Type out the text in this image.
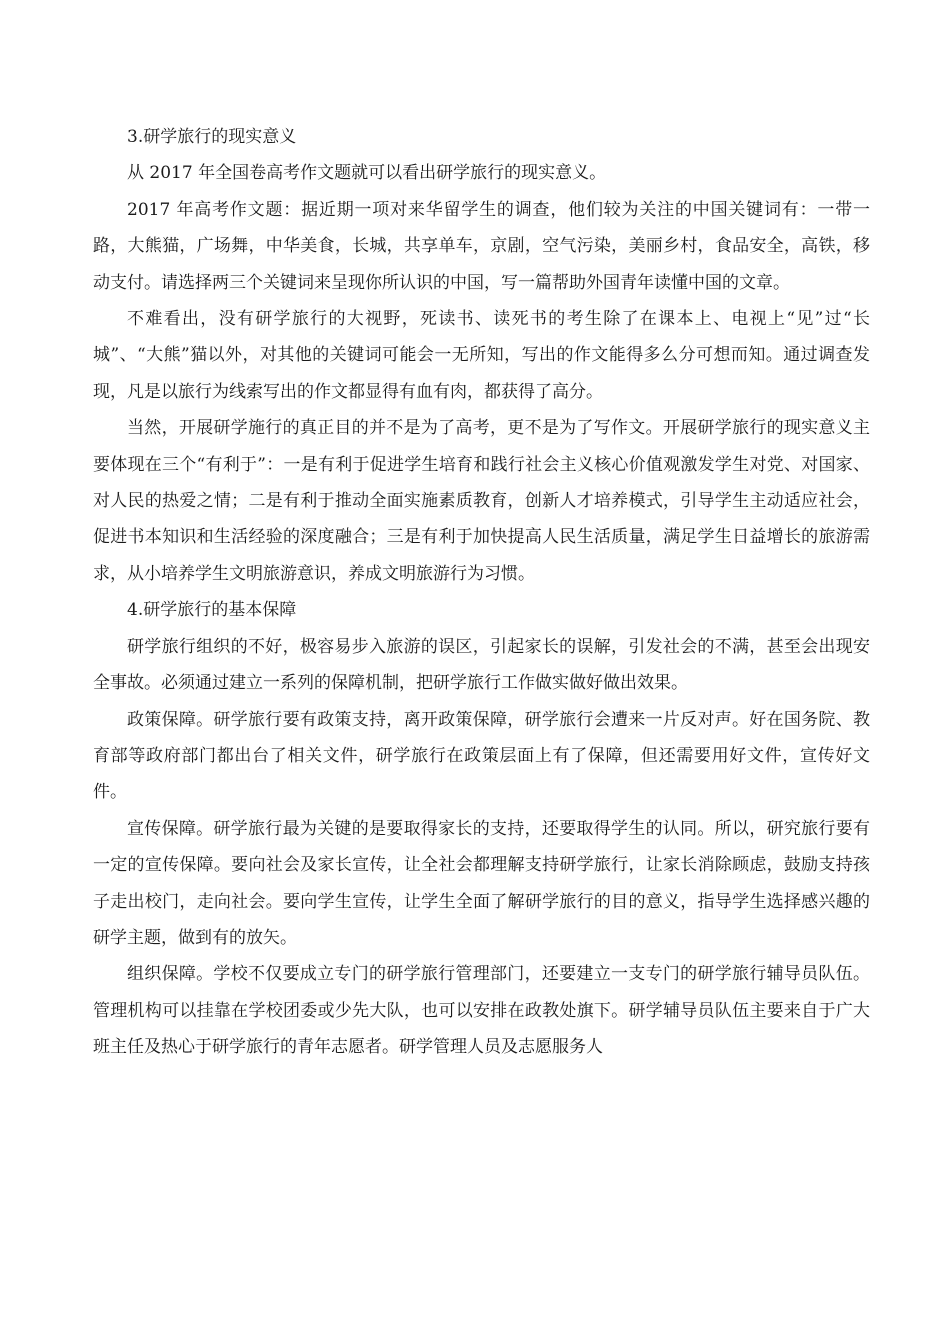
3.研学旅行的现实意义

从 2017 年全国卷高考作文题就可以看出研学旅行的现实意义。

2017 年高考作文题：据近期一项对来华留学生的调查，他们较为关注的中国关键词有：一带一路，大熊猫，广场舞，中华美食，长城，共享单车，京剧，空气污染，美丽乡村，食品安全，高铁，移动支付。请选择两三个关键词来呈现你所认识的中国，写一篇帮助外国青年读懂中国的文章。

不难看出，没有研学旅行的大视野，死读书、读死书的考生除了在课本上、电视上“见”过“长城”、“大熊”猫以外，对其他的关键词可能会一无所知，写出的作文能得多么分可想而知。通过调查发现，凡是以旅行为线索写出的作文都显得有血有肉，都获得了高分。

当然，开展研学施行的真正目的并不是为了高考，更不是为了写作文。开展研学旅行的现实意义主要体现在三个“有利于”：一是有利于促进学生培育和践行社会主义核心价值观激发学生对党、对国家、对人民的热爱之情；二是有利于推动全面实施素质教育，创新人才培养模式，引导学生主动适应社会，促进书本知识和生活经验的深度融合；三是有利于加快提高人民生活质量，满足学生日益增长的旅游需求，从小培养学生文明旅游意识，养成文明旅游行为习惯。

4.研学旅行的基本保障

研学旅行组织的不好，极容易步入旅游的误区，引起家长的误解，引发社会的不满，甚至会出现安全事故。必须通过建立一系列的保障机制，把研学旅行工作做实做好做出效果。

政策保障。研学旅行要有政策支持，离开政策保障，研学旅行会遭来一片反对声。好在国务院、教育部等政府部门都出台了相关文件，研学旅行在政策层面上有了保障，但还需要用好文件，宣传好文件。

宣传保障。研学旅行最为关键的是要取得家长的支持，还要取得学生的认同。所以，研究旅行要有一定的宣传保障。要向社会及家长宣传，让全社会都理解支持研学旅行，让家长消除顾虑，鼓励支持孩子走出校门，走向社会。要向学生宣传，让学生全面了解研学旅行的目的意义，指导学生选择感兴趣的研学主题，做到有的放矢。

组织保障。学校不仅要成立专门的研学旅行管理部门，还要建立一支专门的研学旅行辅导员队伍。管理机构可以挂靠在学校团委或少先大队，也可以安排在政教处旗下。研学辅导员队伍主要来自于广大班主任及热心于研学旅行的青年志愿者。研学管理人员及志愿服务人
